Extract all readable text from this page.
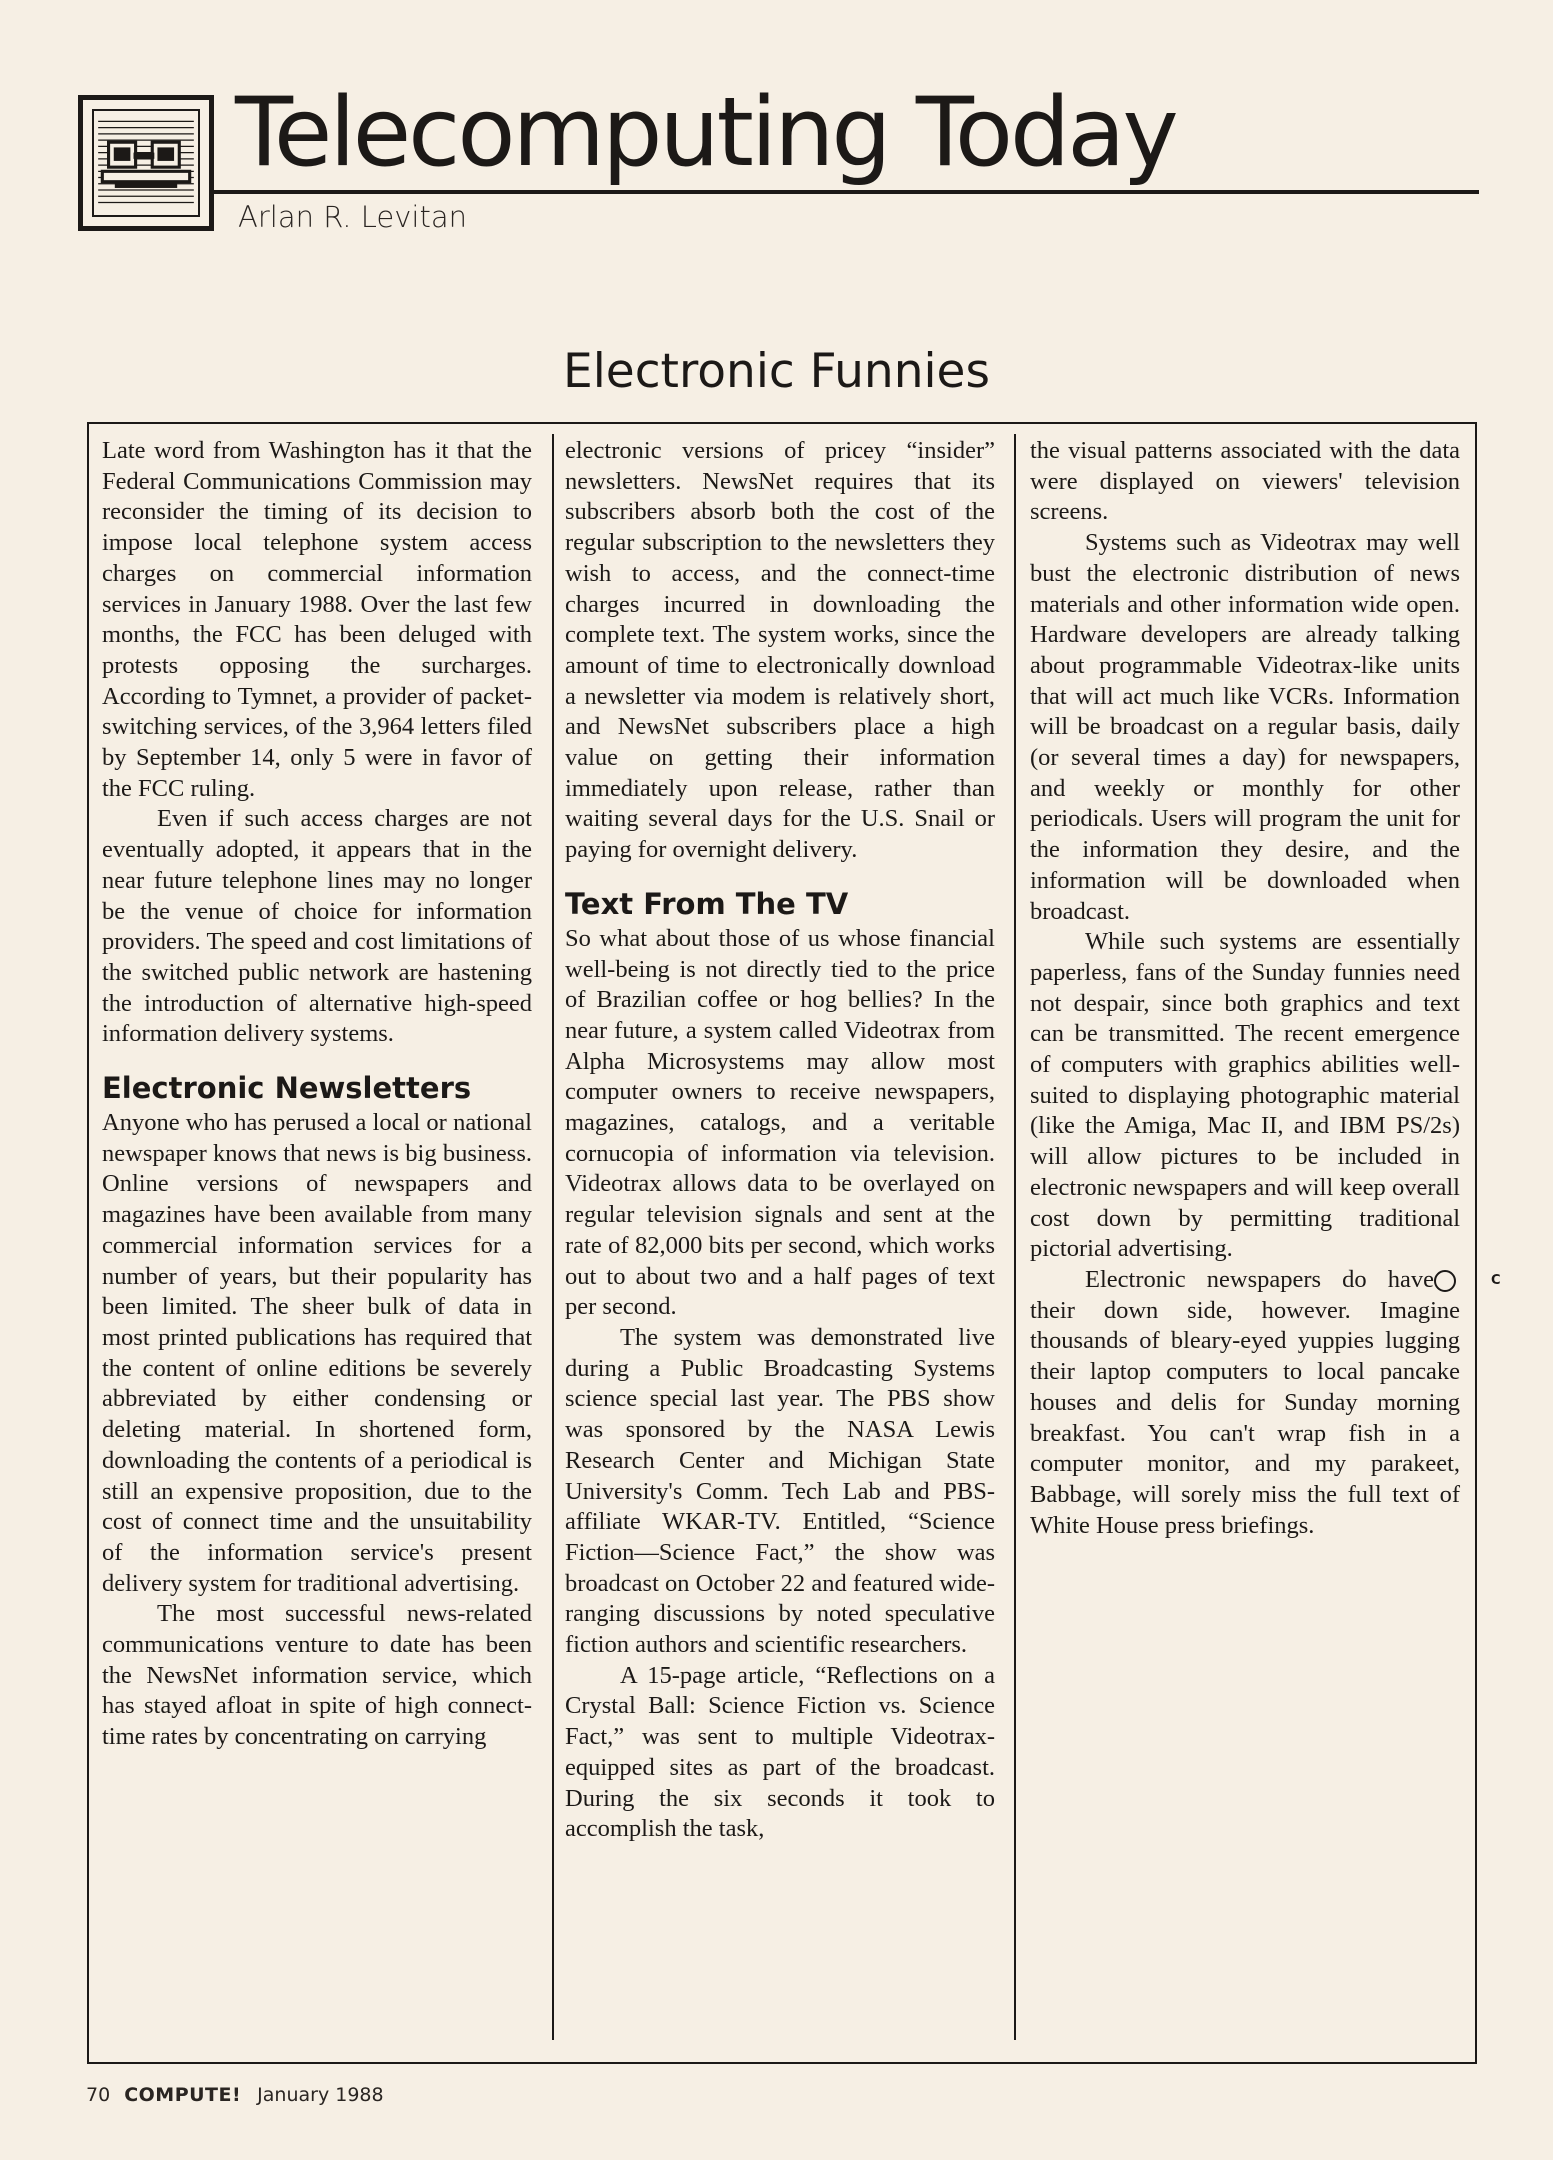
Telecomputing Today

Arlan R. Levitan

Electronic Funnies

Late word from Washington has it that the Federal Communications Commission may reconsider the timing of its decision to impose local telephone system access charges on commercial information services in January 1988. Over the last few months, the FCC has been deluged with protests opposing the surcharges. According to Tymnet, a provider of packet-switching services, of the 3,964 letters filed by September 14, only 5 were in favor of the FCC ruling.

Even if such access charges are not eventually adopted, it appears that in the near future telephone lines may no longer be the venue of choice for information providers. The speed and cost limitations of the switched public network are hastening the introduction of alternative high-speed information delivery systems.

Electronic Newsletters

Anyone who has perused a local or national newspaper knows that news is big business. Online versions of newspapers and magazines have been available from many commercial information services for a number of years, but their popularity has been limited. The sheer bulk of data in most printed publications has required that the content of online editions be severely abbreviated by either condensing or deleting material. In shortened form, downloading the contents of a periodical is still an expensive proposition, due to the cost of connect time and the unsuitability of the information service's present delivery system for traditional advertising.

The most successful news-related communications venture to date has been the NewsNet information service, which has stayed afloat in spite of high connect-time rates by concentrating on carrying

electronic versions of pricey “insider” newsletters. NewsNet requires that its subscribers absorb both the cost of the regular subscription to the newsletters they wish to access, and the connect-time charges incurred in downloading the complete text. The system works, since the amount of time to electronically download a newsletter via modem is relatively short, and NewsNet subscribers place a high value on getting their information immediately upon release, rather than waiting several days for the U.S. Snail or paying for overnight delivery.

Text From The TV

So what about those of us whose financial well-being is not directly tied to the price of Brazilian coffee or hog bellies? In the near future, a system called Videotrax from Alpha Microsystems may allow most computer owners to receive newspapers, magazines, catalogs, and a veritable cornucopia of information via television. Videotrax allows data to be overlayed on regular television signals and sent at the rate of 82,000 bits per second, which works out to about two and a half pages of text per second.

The system was demonstrated live during a Public Broadcasting Systems science special last year. The PBS show was sponsored by the NASA Lewis Research Center and Michigan State University's Comm. Tech Lab and PBS-affiliate WKAR-TV. Entitled, “Science Fiction—Science Fact,” the show was broadcast on October 22 and featured wide-ranging discussions by noted speculative fiction authors and scientific researchers.

A 15-page article, “Reflections on a Crystal Ball: Science Fiction vs. Science Fact,” was sent to multiple Videotrax-equipped sites as part of the broadcast. During the six seconds it took to accomplish the task,

the visual patterns associated with the data were displayed on viewers' television screens.

Systems such as Videotrax may well bust the electronic distribution of news materials and other information wide open. Hardware developers are already talking about programmable Videotrax-like units that will act much like VCRs. Information will be broadcast on a regular basis, daily (or several times a day) for newspapers, and weekly or monthly for other periodicals. Users will program the unit for the information they desire, and the information will be downloaded when broadcast.

While such systems are essentially paperless, fans of the Sunday funnies need not despair, since both graphics and text can be transmitted. The recent emergence of computers with graphics abilities well-suited to displaying photographic material (like the Amiga, Mac II, and IBM PS/2s) will allow pictures to be included in electronic newspapers and will keep overall cost down by permitting traditional pictorial advertising.

C
Electronic newspapers do have their down side, however. Imagine thousands of bleary-eyed yuppies lugging their laptop computers to local pancake houses and delis for Sunday morning breakfast. You can't wrap fish in a computer monitor, and my parakeet, Babbage, will sorely miss the full text of White House press briefings.

70 COMPUTE! January 1988
